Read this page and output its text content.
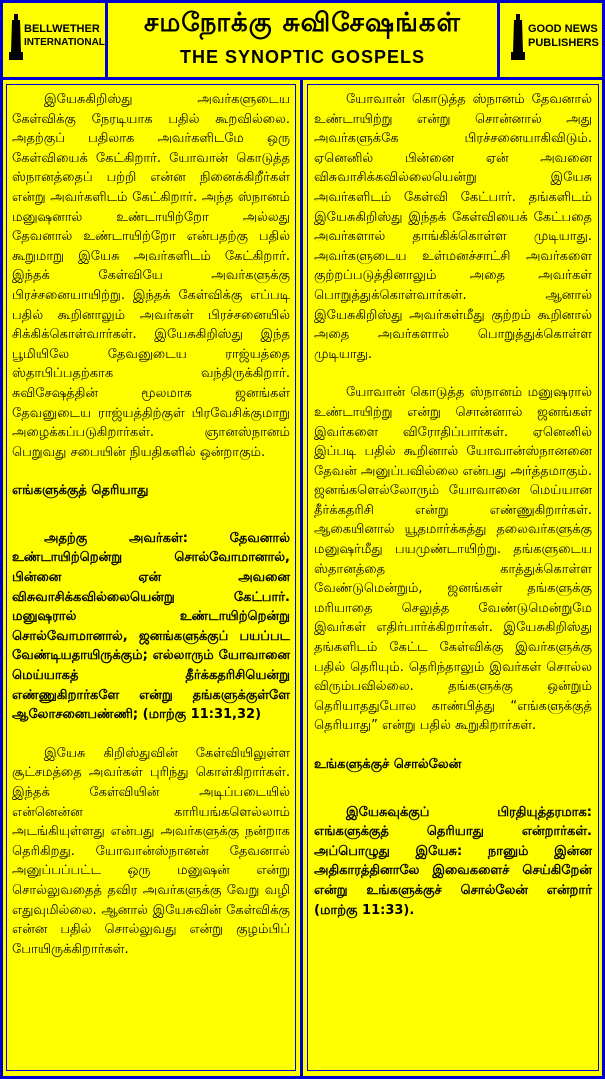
BELLWETHER
INTERNATIONAL
சமநோக்கு சுவிசேஷங்கள்
THE SYNOPTIC GOSPELS
GOOD NEWS
PUBLISHERS

இயேசுகிறிஸ்து அவர்களுடைய கேள்விக்கு நேரடியாக பதில் கூறவில்லை. அதற்குப் பதிலாக அவர்களிடமே ஒரு கேள்வியைக் கேட்கிறார். யோவான் கொடுத்த ஸ்நானத்தைப் பற்றி என்ன நினைக்கிறீர்கள் என்று அவர்களிடம் கேட்கிறார். அந்த ஸ்நானம் மனுஷனால் உண்டாயிற்றோ அல்லது தேவனால் உண்டாயிற்றோ என்பதற்கு பதில் கூறுமாறு இயேசு அவர்களிடம் கேட்கிறார். இந்தக் கேள்வியே அவர்களுக்கு பிரச்சனையாயிற்று. இந்தக் கேள்விக்கு எப்படி பதில் கூறினாலும் அவர்கள் பிரச்சனையில் சிக்கிக்கொள்வார்கள். இயேசுகிறிஸ்து இந்த பூமியிலே தேவனுடைய ராஜ்யத்தை ஸ்தாபிப்பதற்காக வந்திருக்கிறார். சுவிசேஷத்தின் மூலமாக ஜனங்கள் தேவனுடைய ராஜ்யத்திற்குள் பிரவேசிக்குமாறு அழைக்கப்படுகிறார்கள். ஞானஸ்நானம் பெறுவது சபையின் நியதிகளில் ஒன்றாகும்.

எங்களுக்குத் தெரியாது

அதற்கு அவர்கள்: தேவனால் உண்டாயிற்றென்று சொல்வோமானால், பின்னை ஏன் அவனை விசுவாசிக்கவில்லையென்று கேட்பார். மனுஷரால் உண்டாயிற்றென்று சொல்வோமானால், ஜனங்களுக்குப் பயப்பட வேண்டியதாயிருக்கும்; எல்லாரும் யோவானை மெய்யாகத் தீர்க்கதரிசியென்று எண்ணுகிறார்களே என்று தங்களுக்குள்ளே ஆலோசனைபண்ணி; (மாற்கு 11:31,32)

இயேசு கிறிஸ்துவின் கேள்வியிலுள்ள சூட்சமத்தை அவர்கள் புரிந்து கொள்கிறார்கள். இந்தக் கேள்வியின் அடிப்படையில் என்னென்ன காரியங்களெல்லாம் அடங்கியுள்ளது என்பது அவர்களுக்கு நன்றாக தெரிகிறது. யோவான்ஸ்நானன் தேவனால் அனுப்பப்பட்ட ஒரு மனுஷன் என்று சொல்லுவதைத் தவிர அவர்களுக்கு வேறு வழி எதுவுமில்லை. ஆனால் இயேசுவின் கேள்விக்கு என்ன பதில் சொல்லுவது என்று குழம்பிப் போயிருக்கிறார்கள்.

யோவான் கொடுத்த ஸ்நானம் தேவனால் உண்டாயிற்று என்று சொன்னால் அது அவர்களுக்கே பிரச்சனையாகிவிடும். ஏனெனில் பின்னை ஏன் அவனை விசுவாசிக்கவில்லையென்று இயேசு அவர்களிடம் கேள்வி கேட்பார். தங்களிடம் இயேசுகிறிஸ்து இந்தக் கேள்வியைக் கேட்பதை அவர்களால் தாங்கிக்கொள்ள முடியாது. அவர்களுடைய உள்மனச்சாட்சி அவர்களை குற்றப்படுத்தினாலும் அதை அவர்கள் பொறுத்துக்கொள்வார்கள். ஆனால் இயேசுகிறிஸ்து அவர்கள்மீது குற்றம் கூறினால் அதை அவர்களால் பொறுத்துக்கொள்ள முடியாது.

யோவான் கொடுத்த ஸ்நானம் மனுஷரால் உண்டாயிற்று என்று சொன்னால் ஜனங்கள் இவர்களை விரோதிப்பார்கள். ஏனெனில் இப்படி பதில் கூறினால் யோவான்ஸ்நானனை தேவன் அனுப்பவில்லை என்பது அர்த்தமாகும். ஜனங்களெல்லோரும் யோவானை மெய்யான தீர்க்கதரிசி என்று எண்ணுகிறார்கள். ஆகையினால் யூதமார்க்கத்து தலைவர்களுக்கு மனுஷர்மீது பயமுண்டாயிற்று. தங்களுடைய ஸ்தானத்தை காத்துக்கொள்ள வேண்டுமென்றும், ஜனங்கள் தங்களுக்கு மரியாதை செலுத்த வேண்டுமென்றுமே இவர்கள் எதிர்பார்க்கிறார்கள். இயேசுகிறிஸ்து தங்களிடம் கேட்ட கேள்விக்கு இவர்களுக்கு பதில் தெரியும். தெரிந்தாலும் இவர்கள் சொல்ல விரும்பவில்லை. தங்களுக்கு ஒன்றும் தெரியாததுபோல காண்பித்து “எங்களுக்குத் தெரியாது” என்று பதில் கூறுகிறார்கள்.

உங்களுக்குச் சொல்லேன்

இயேசுவுக்குப் பிரதியுத்தரமாக: எங்களுக்குத் தெரியாது என்றார்கள். அப்பொழுது இயேசு: நானும் இன்ன அதிகாரத்தினாலே இவைகளைச் செய்கிறேன் என்று உங்களுக்குச் சொல்லேன் என்றார் (மாற்கு 11:33).
